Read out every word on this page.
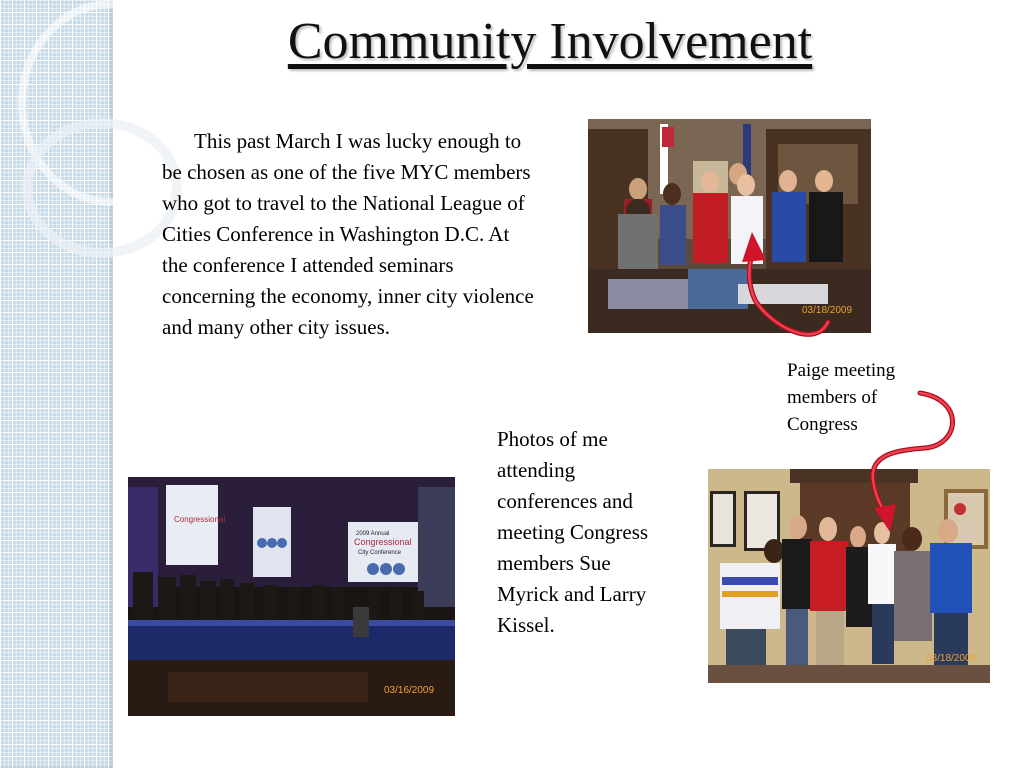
Community Involvement

This past March I was lucky enough to be chosen as one of the five MYC members who got to travel to the National League of Cities Conference in Washington D.C. At the conference I attended seminars concerning the economy, inner city violence and many other city issues.

03/18/2009
Congressional
2009 Annual
Congressional
City Conference
03/16/2009
03/18/2009

Photos of me attending conferences and meeting Congress members Sue Myrick and Larry Kissel.

Paige meeting members of Congress
